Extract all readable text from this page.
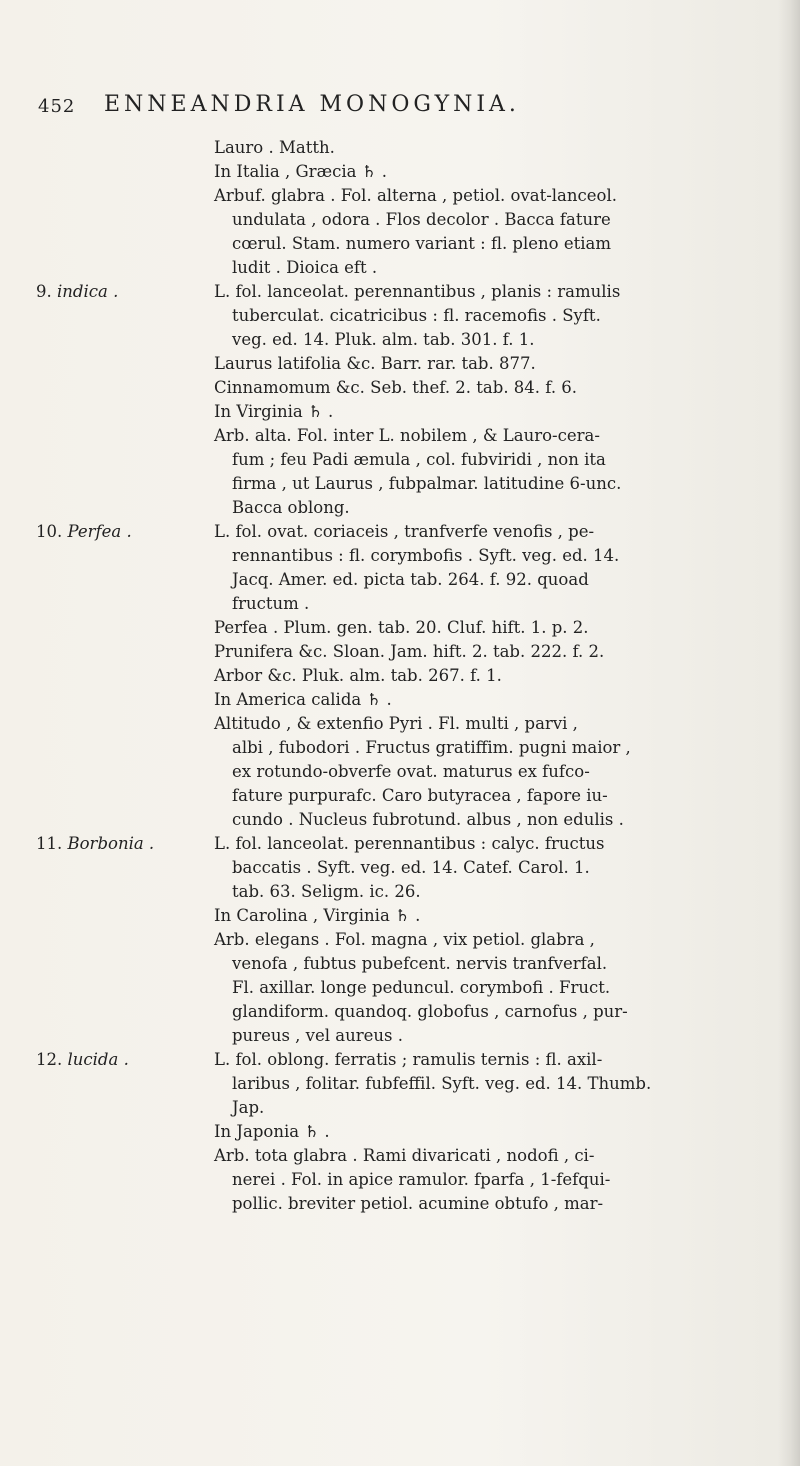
452 ENNEANDRIA MONOGYNIA.
Lauro . Matth.
In Italia , Græcia ♄ .
Arbuf. glabra . Fol. alterna , petiol. ovat-lanceol.
undulata , odora . Flos decolor . Bacca fature
cœrul. Stam. numero variant : fl. pleno etiam
ludit . Dioica eft .
9. indica .	L. fol. lanceolat. perennantibus , planis : ramulis
tuberculat. cicatricibus : fl. racemofis . Syft.
veg. ed. 14. Pluk. alm. tab. 301. f. 1.
Laurus latifolia &c. Barr. rar. tab. 877.
Cinnamomum &c. Seb. thef. 2. tab. 84. f. 6.
In Virginia ♄ .
Arb. alta. Fol. inter L. nobilem , & Lauro-cera-
fum ; feu Padi æmula , col. fubviridi , non ita
firma , ut Laurus , fubpalmar. latitudine 6-unc.
Bacca oblong.
10. Perfea .	L. fol. ovat. coriaceis , tranfverfe venofis , pe-
rennantibus : fl. corymbofis . Syft. veg. ed. 14.
Jacq. Amer. ed. picta tab. 264. f. 92. quoad
fructum .
Perfea . Plum. gen. tab. 20. Cluf. hift. 1. p. 2.
Prunifera &c. Sloan. Jam. hift. 2. tab. 222. f. 2.
Arbor &c. Pluk. alm. tab. 267. f. 1.
In America calida ♄ .
Altitudo , & extenfio Pyri . Fl. multi , parvi ,
albi , fubodori . Fructus gratiffim. pugni maior ,
ex rotundo-obverfe ovat. maturus ex fufco-
fature purpurafc. Caro butyracea , fapore iu-
cundo . Nucleus fubrotund. albus , non edulis .
11. Borbonia .	L. fol. lanceolat. perennantibus : calyc. fructus
baccatis . Syft. veg. ed. 14. Catef. Carol. 1.
tab. 63. Seligm. ic. 26.
In Carolina , Virginia ♄ .
Arb. elegans . Fol. magna , vix petiol. glabra ,
venofa , fubtus pubefcent. nervis tranfverfal.
Fl. axillar. longe peduncul. corymbofi . Fruct.
glandiform. quandoq. globofus , carnofus , pur-
pureus , vel aureus .
12. lucida .	L. fol. oblong. ferratis ; ramulis ternis : fl. axil-
laribus , folitar. fubfeffil. Syft. veg. ed. 14. Thumb.
Jap.
In Japonia ♄ .
Arb. tota glabra . Rami divaricati , nodofi , ci-
nerei . Fol. in apice ramulor. fparfa , 1-fefqui-
pollic. breviter petiol. acumine obtufo , mar-
